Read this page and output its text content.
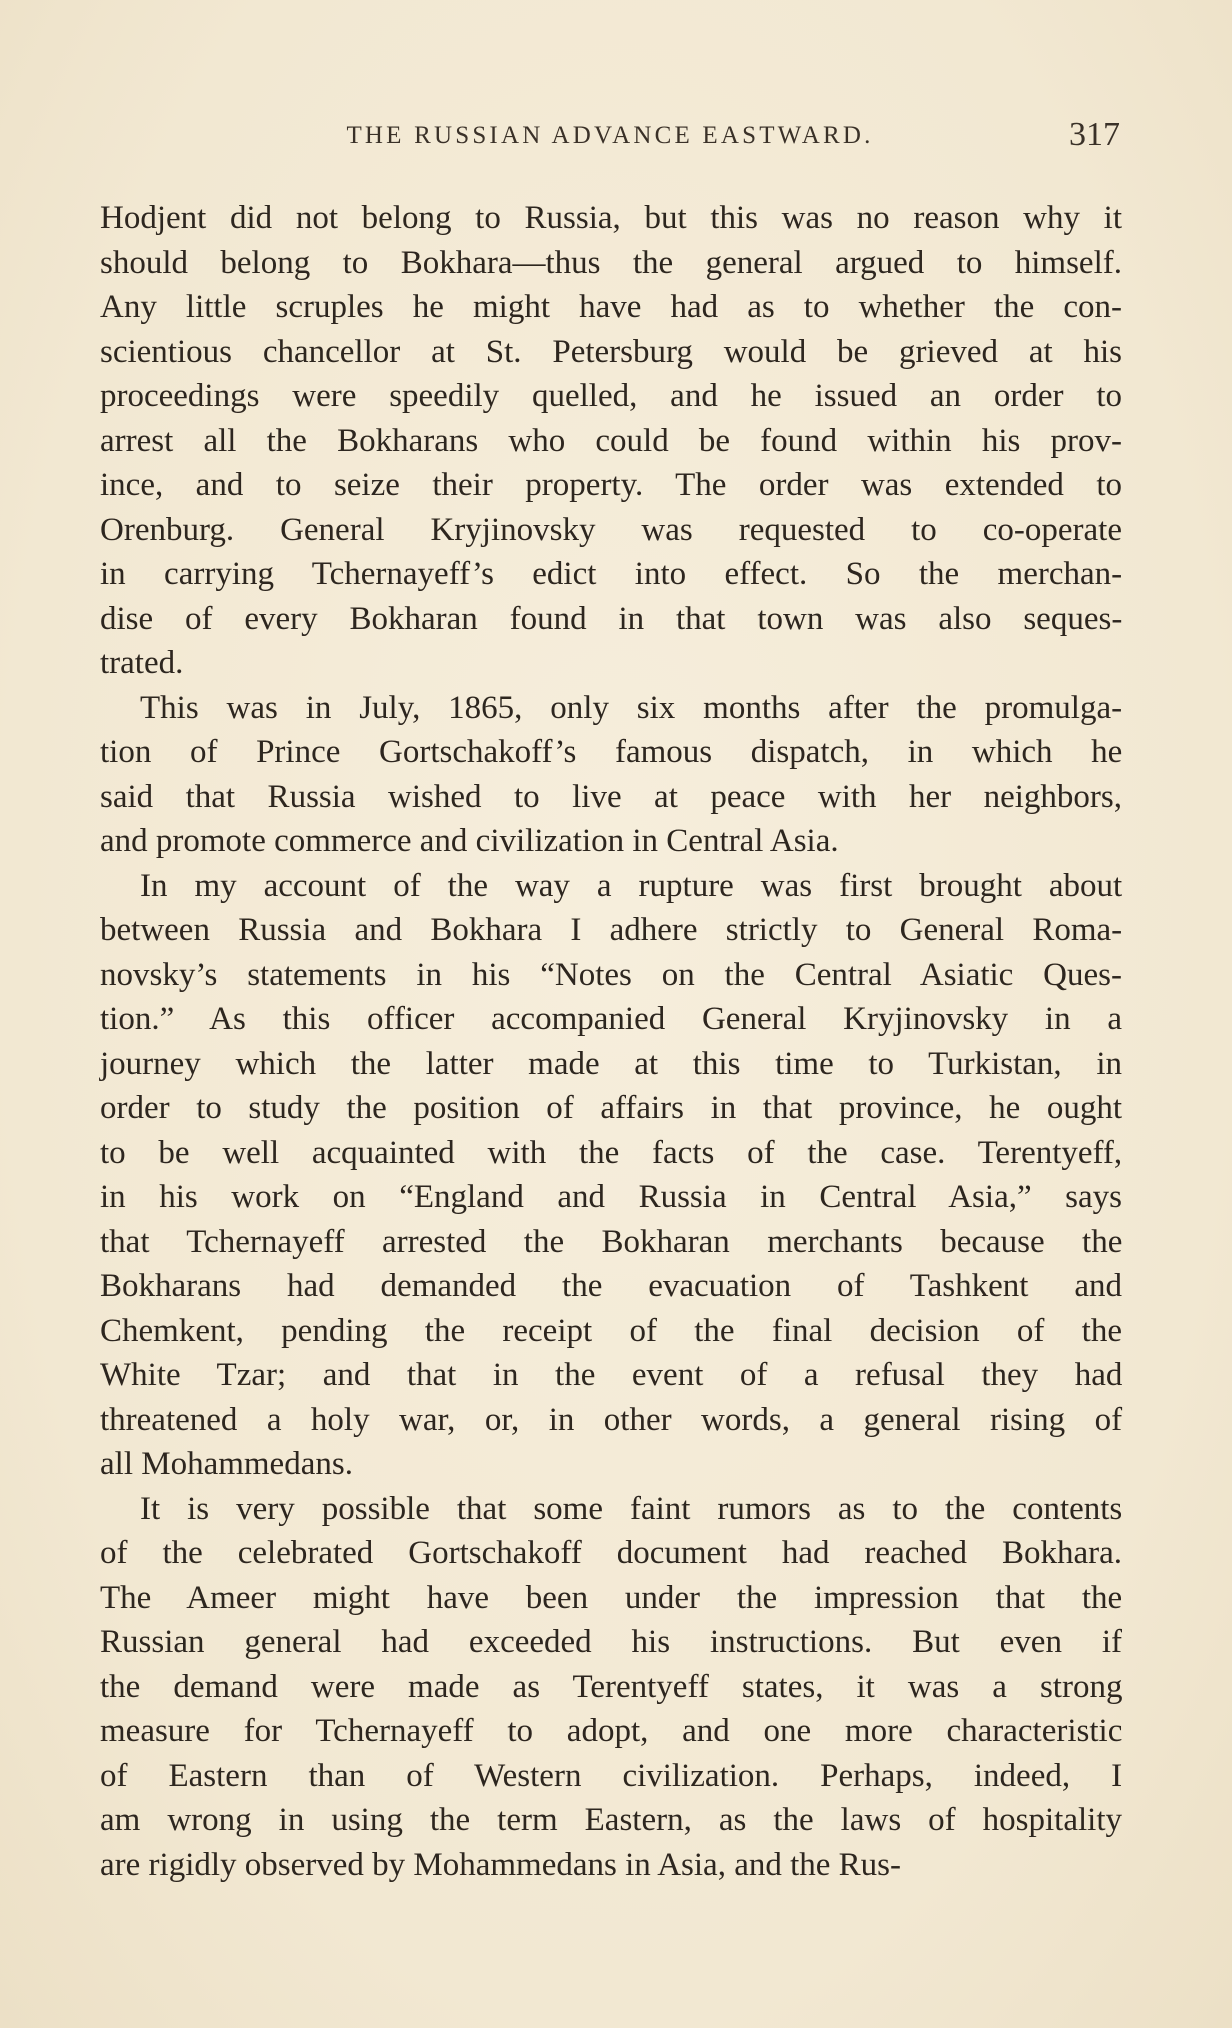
THE RUSSIAN ADVANCE EASTWARD.	317
Hodjent did not belong to Russia, but this was no reason why it
should belong to Bokhara—thus the general argued to himself.
Any little scruples he might have had as to whether the con-
scientious chancellor at St. Petersburg would be grieved at his
proceedings were speedily quelled, and he issued an order to
arrest all the Bokharans who could be found within his prov-
ince, and to seize their property. The order was extended to
Orenburg. General Kryjinovsky was requested to co-operate
in carrying Tchernayeff’s edict into effect. So the merchan-
dise of every Bokharan found in that town was also seques-
trated.
This was in July, 1865, only six months after the promulga-
tion of Prince Gortschakoff’s famous dispatch, in which he
said that Russia wished to live at peace with her neighbors,
and promote commerce and civilization in Central Asia.
In my account of the way a rupture was first brought about
between Russia and Bokhara I adhere strictly to General Roma-
novsky’s statements in his “Notes on the Central Asiatic Ques-
tion.” As this officer accompanied General Kryjinovsky in a
journey which the latter made at this time to Turkistan, in
order to study the position of affairs in that province, he ought
to be well acquainted with the facts of the case. Terentyeff,
in his work on “England and Russia in Central Asia,” says
that Tchernayeff arrested the Bokharan merchants because the
Bokharans had demanded the evacuation of Tashkent and
Chemkent, pending the receipt of the final decision of the
White Tzar; and that in the event of a refusal they had
threatened a holy war, or, in other words, a general rising of
all Mohammedans.
It is very possible that some faint rumors as to the contents
of the celebrated Gortschakoff document had reached Bokhara.
The Ameer might have been under the impression that the
Russian general had exceeded his instructions. But even if
the demand were made as Terentyeff states, it was a strong
measure for Tchernayeff to adopt, and one more characteristic
of Eastern than of Western civilization. Perhaps, indeed, I
am wrong in using the term Eastern, as the laws of hospitality
are rigidly observed by Mohammedans in Asia, and the Rus-
